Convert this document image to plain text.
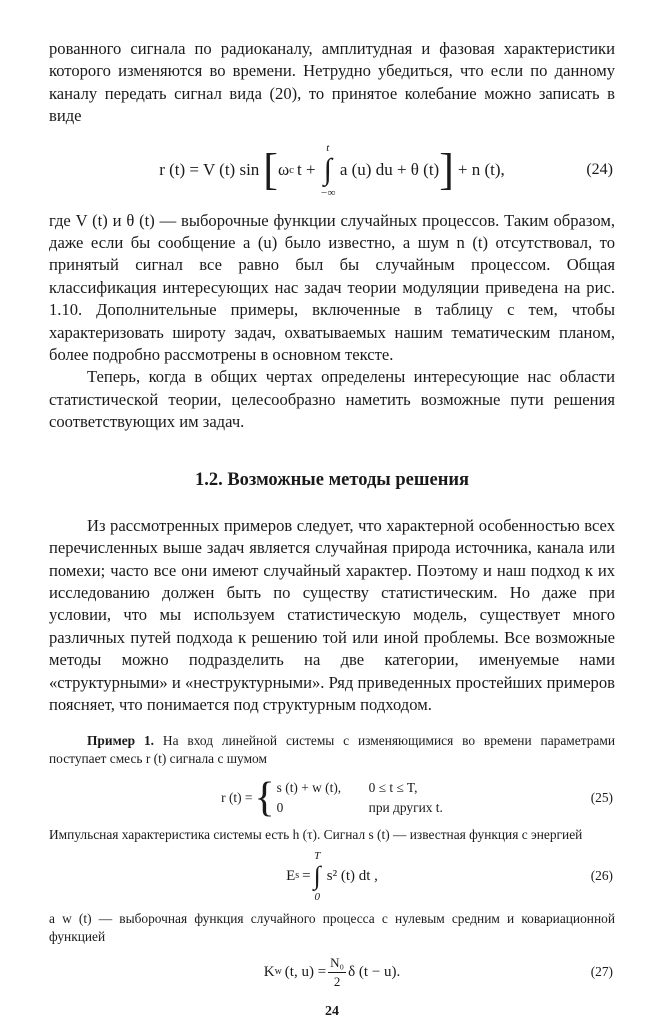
рованного сигнала по радиоканалу, амплитудная и фазовая характеристики которого изменяются во времени. Нетрудно убедиться, что если по данному каналу передать сигнал вида (20), то принятое колебание можно записать в виде

r (t) = V (t) sin [ ω c t + ∫
t
−∞
a (u) du + θ (t) ] + n (t),	(24)

где V (t) и θ (t) — выборочные функции случайных процессов. Таким образом, даже если бы сообщение a (u) было известно, а шум n (t) отсутствовал, то принятый сигнал все равно был бы случайным процессом. Общая классификация интересующих нас задач теории модуляции приведена на рис. 1.10. Дополнительные примеры, включенные в таблицу с тем, чтобы характеризовать широту задач, охватываемых нашим тематическим планом, более подробно рассмотрены в основном тексте.

Теперь, когда в общих чертах определены интересующие нас области статистической теории, целесообразно наметить возможные пути решения соответствующих им задач.

1.2. Возможные методы решения

Из рассмотренных примеров следует, что характерной особенностью всех перечисленных выше задач является случайная природа источника, канала или помехи; часто все они имеют случайный характер. Поэтому и наш подход к их исследованию должен быть по существу статистическим. Но даже при условии, что мы используем статистическую модель, существует много различных путей подхода к решению той или иной проблемы. Все возможные методы можно подразделить на две категории, именуемые нами «структурными» и «неструктурными». Ряд приведенных простейших примеров поясняет, что понимается под структурным подходом.

Пример 1. На вход линейной системы с изменяющимися во времени параметрами поступает смесь r (t) сигнала с шумом

r (t) = { s (t) + w (t),	0 ≤ t ≤ T,
0	при других t.
(25)

Импульсная характеристика системы есть h (τ). Сигнал s (t) — известная функция с энергией

E s = ∫
T
0
s² (t) dt ,	(26)

а w (t) — выборочная функция случайного процесса с нулевым средним и ковариационной функцией

K w (t, $u) = \frac{\text{N₀}}{2}$ δ (t − u).	(27)
24
